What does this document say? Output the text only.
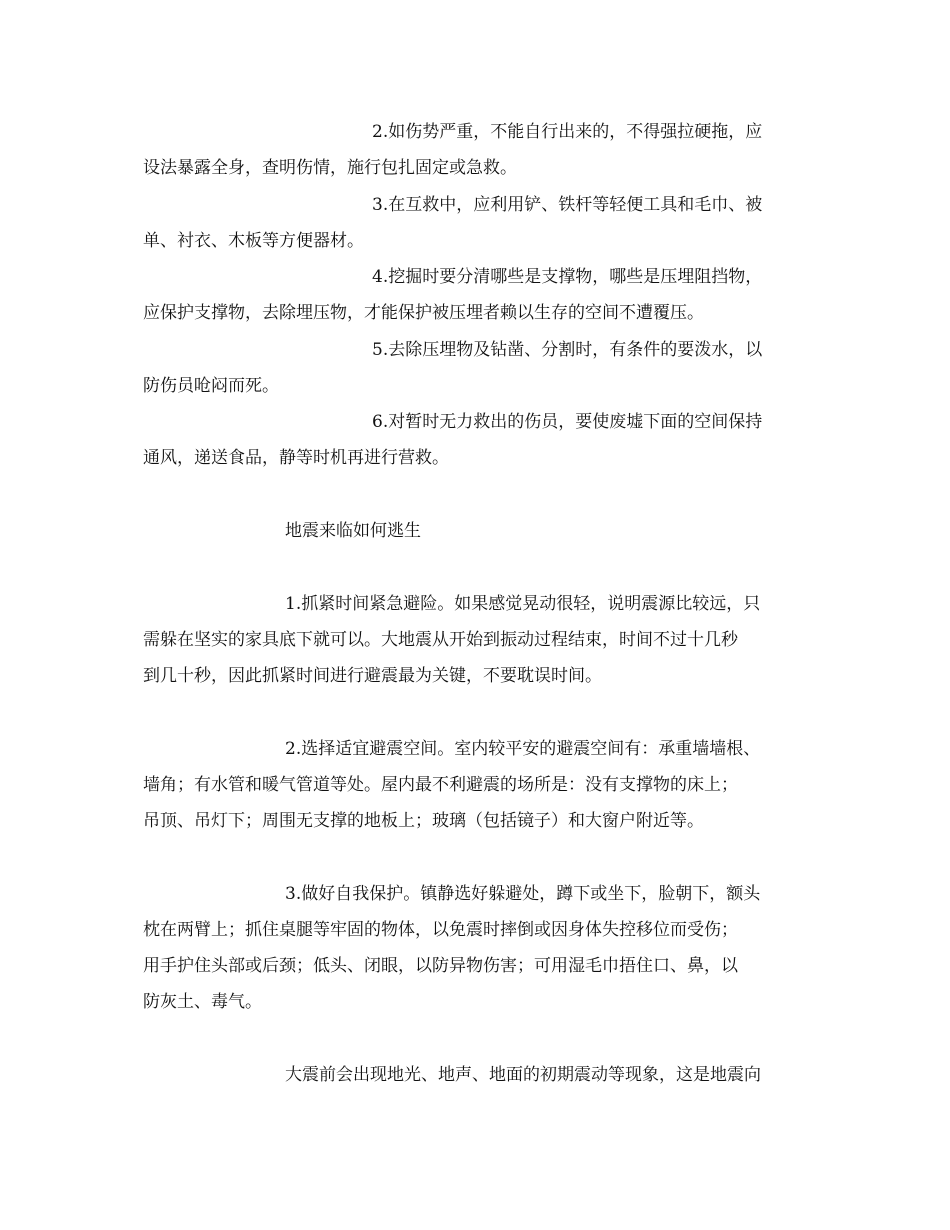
2.如伤势严重，不能自行出来的，不得强拉硬拖，应
设法暴露全身，查明伤情，施行包扎固定或急救。
3.在互救中，应利用铲、铁杆等轻便工具和毛巾、被
单、衬衣、木板等方便器材。
4.挖掘时要分清哪些是支撑物，哪些是压埋阻挡物，
应保护支撑物，去除埋压物，才能保护被压埋者赖以生存的空间不遭覆压。
5.去除压埋物及钻凿、分割时，有条件的要泼水，以
防伤员呛闷而死。
6.对暂时无力救出的伤员，要使废墟下面的空间保持
通风，递送食品，静等时机再进行营救。
地震来临如何逃生
1.抓紧时间紧急避险。如果感觉晃动很轻，说明震源比较远，只
需躲在坚实的家具底下就可以。大地震从开始到振动过程结束，时间不过十几秒
到几十秒，因此抓紧时间进行避震最为关键，不要耽误时间。
2.选择适宜避震空间。室内较平安的避震空间有：承重墙墙根、
墙角；有水管和暖气管道等处。屋内最不利避震的场所是：没有支撑物的床上；
吊顶、吊灯下；周围无支撑的地板上；玻璃（包括镜子）和大窗户附近等。
3.做好自我保护。镇静选好躲避处，蹲下或坐下，脸朝下，额头
枕在两臂上；抓住桌腿等牢固的物体，以免震时摔倒或因身体失控移位而受伤；
用手护住头部或后颈；低头、闭眼，以防异物伤害；可用湿毛巾捂住口、鼻，以
防灰土、毒气。
大震前会出现地光、地声、地面的初期震动等现象，这是地震向
